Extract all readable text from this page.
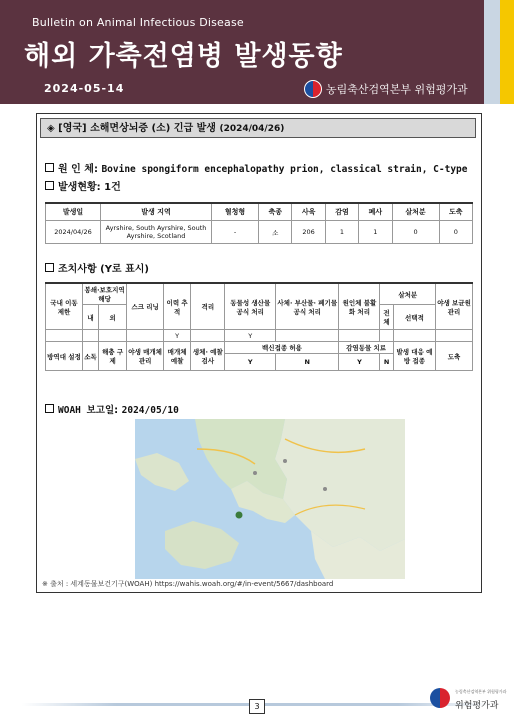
Bulletin on Animal Infectious Disease
해외 가축전염병 발생동향
2024-05-14	농림축산검역본부 위험평가과
◈ [영국] 소해면상뇌증 (소) 긴급 발생 (2024/04/26)
원 인 체: Bovine spongiform encephalopathy prion, classical strain, C-type
발생현황: 1건
발생일	발생 지역	혈청형	축종	사육	감염	폐사	살처분	도축
2024/04/26	Ayrshire, South Ayrshire, South Ayrshire, Scotland	-	소	206	1	1	0	0
조치사항 (Y로 표시)
국내 이동 제한	봉쇄·보호지역 해당		스크 리닝	이력 추적	격리	동물성 생산물 공식 처리	사체· 부산물· 폐기물 공식 처리	원인체 불활화 처리	살처분		야생 보균원 관리
	내	외							전체	선택적	
				Y		Y					
방역대 설정	소독	해충 구제	야생 매개체 관리	매개체 예찰	생체· 예찰 검사	백신접종 허용		감염동물 치료		발생 대응 예방 접종	도축
						Y	N	Y	N		
WOAH 보고일: 2024/05/10
※ 출처 : 세계동물보건기구(WOAH) https://wahis.woah.org/#/in-event/5667/dashboard
3
농림축산검역본부 위험평가과
위험평가과
